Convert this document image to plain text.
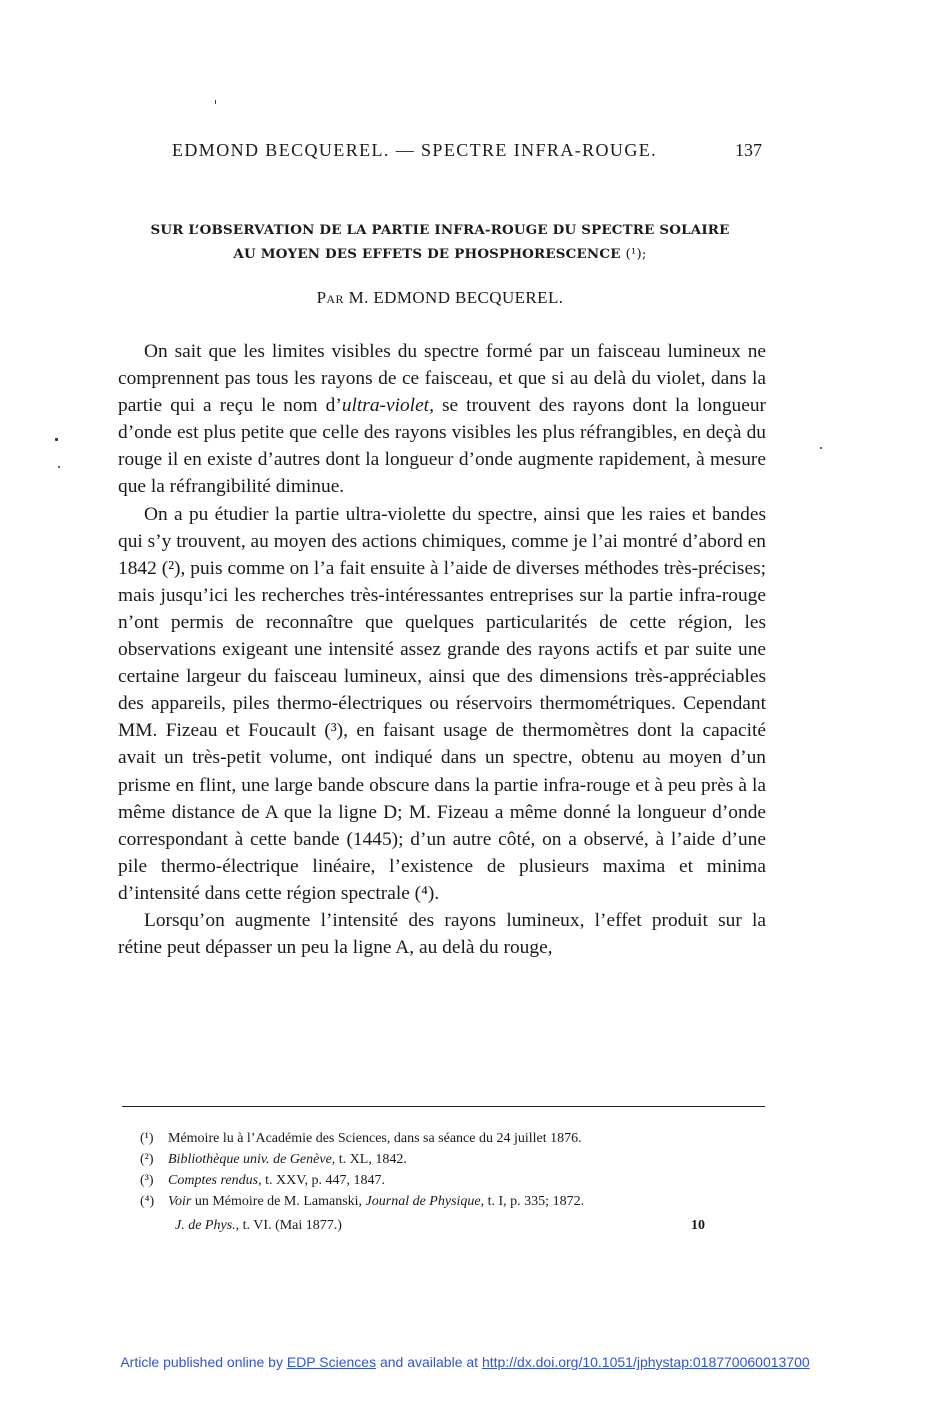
EDMOND BECQUEREL. — SPECTRE INFRA-ROUGE.	137
SUR L’OBSERVATION DE LA PARTIE INFRA-ROUGE DU SPECTRE SOLAIRE
AU MOYEN DES EFFETS DE PHOSPHORESCENCE (¹);
Par M. EDMOND BECQUEREL.

On sait que les limites visibles du spectre formé par un faisceau lumineux ne comprennent pas tous les rayons de ce faisceau, et que si au delà du violet, dans la partie qui a reçu le nom d’ultra-violet, se trouvent des rayons dont la longueur d’onde est plus petite que celle des rayons visibles les plus réfrangibles, en deçà du rouge il en existe d’autres dont la longueur d’onde augmente rapidement, à mesure que la réfrangibilité diminue.

On a pu étudier la partie ultra-violette du spectre, ainsi que les raies et bandes qui s’y trouvent, au moyen des actions chimiques, comme je l’ai montré d’abord en 1842 (²), puis comme on l’a fait ensuite à l’aide de diverses méthodes très-précises; mais jusqu’ici les recherches très-intéressantes entreprises sur la partie infra-rouge n’ont permis de reconnaître que quelques particularités de cette région, les observations exigeant une intensité assez grande des rayons actifs et par suite une certaine largeur du faisceau lumineux, ainsi que des dimensions très-appréciables des appareils, piles thermo-électriques ou réservoirs thermométriques. Cependant MM. Fizeau et Foucault (³), en faisant usage de thermomètres dont la capacité avait un très-petit volume, ont indiqué dans un spectre, obtenu au moyen d’un prisme en flint, une large bande obscure dans la partie infra-rouge et à peu près à la même distance de A que la ligne D; M. Fizeau a même donné la longueur d’onde correspondant à cette bande (1445); d’un autre côté, on a observé, à l’aide d’une pile thermo-électrique linéaire, l’existence de plusieurs maxima et minima d’intensité dans cette région spectrale (⁴).

Lorsqu’on augmente l’intensité des rayons lumineux, l’effet produit sur la rétine peut dépasser un peu la ligne A, au delà du rouge,

(¹) Mémoire lu à l’Académie des Sciences, dans sa séance du 24 juillet 1876.
(²) Bibliothèque univ. de Genève, t. XL, 1842.
(³) Comptes rendus, t. XXV, p. 447, 1847.
(⁴) Voir un Mémoire de M. Lamanski, Journal de Physique, t. I, p. 335; 1872.
J. de Phys., t. VI. (Mai 1877.)	10
Article published online by EDP Sciences and available at http://dx.doi.org/10.1051/jphystap:018770060013700
